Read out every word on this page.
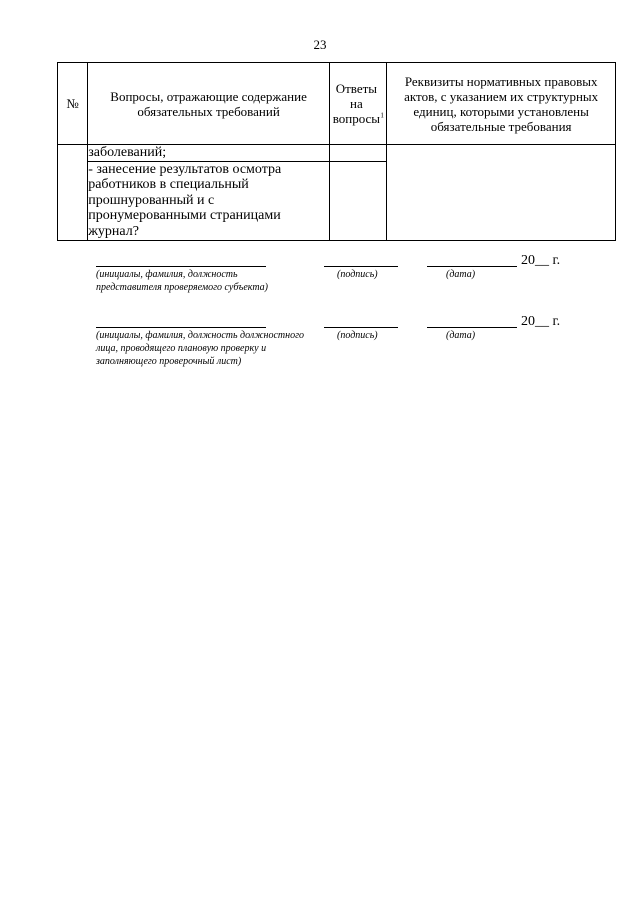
23
№	Вопросы, отражающие содержание обязательных требований	Ответы на вопросы$^1$	Реквизиты нормативных правовых актов, с указанием их структурных единиц, которыми установлены обязательные требования
	заболеваний;		
	- занесение результатов осмотра работников в специальный прошнурованный и с пронумерованными страницами журнал?		
20__ г.
(инициалы, фамилия, должность представителя проверяемого субъекта)
(подпись)	(дата)
20__ г.
(инициалы, фамилия, должность должностного лица, проводящего плановую проверку и заполняющего проверочный лист)
(подпись)	(дата)
